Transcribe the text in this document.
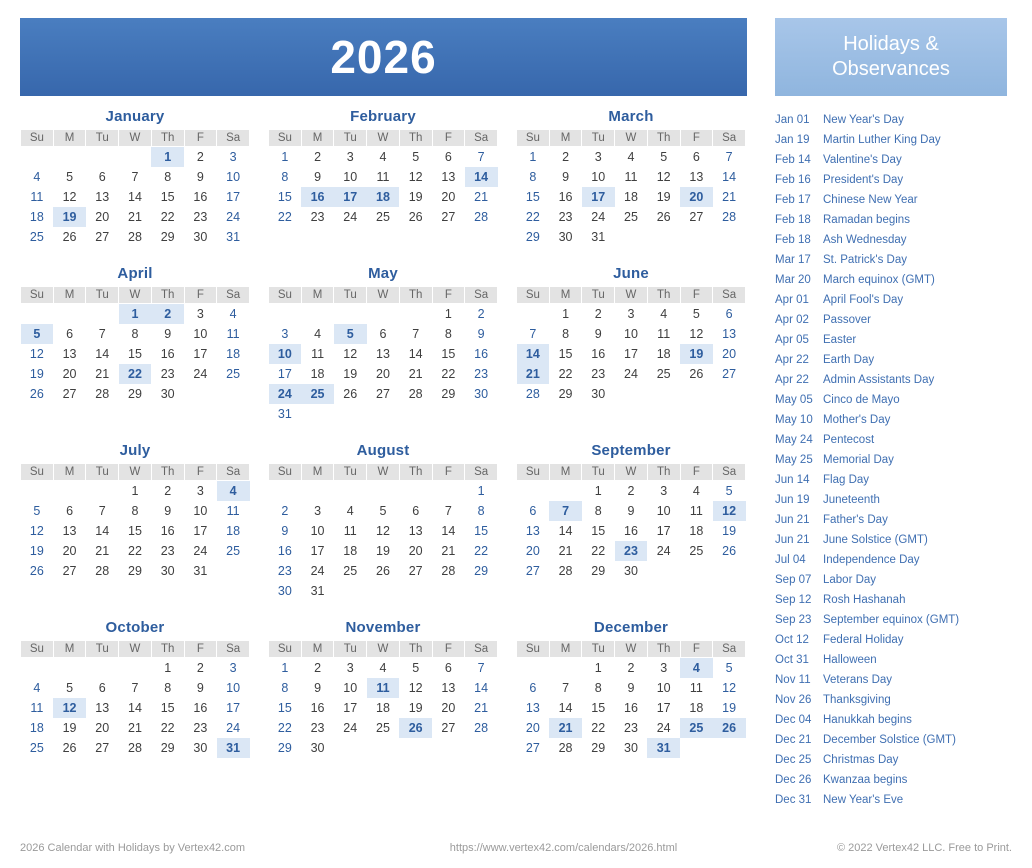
2026	Holidays & Observances
January
Su	M	Tu	W	Th	F	Sa
				1	2	3
4	5	6	7	8	9	10
11	12	13	14	15	16	17
18	19	20	21	22	23	24
25	26	27	28	29	30	31
February
Su	M	Tu	W	Th	F	Sa
1	2	3	4	5	6	7
8	9	10	11	12	13	14
15	16	17	18	19	20	21
22	23	24	25	26	27	28
March
Su	M	Tu	W	Th	F	Sa
1	2	3	4	5	6	7
8	9	10	11	12	13	14
15	16	17	18	19	20	21
22	23	24	25	26	27	28
29	30	31				
April
Su	M	Tu	W	Th	F	Sa
			1	2	3	4
5	6	7	8	9	10	11
12	13	14	15	16	17	18
19	20	21	22	23	24	25
26	27	28	29	30		
May
Su	M	Tu	W	Th	F	Sa
					1	2
3	4	5	6	7	8	9
10	11	12	13	14	15	16
17	18	19	20	21	22	23
24	25	26	27	28	29	30
31						
June
Su	M	Tu	W	Th	F	Sa
	1	2	3	4	5	6
7	8	9	10	11	12	13
14	15	16	17	18	19	20
21	22	23	24	25	26	27
28	29	30				
July
Su	M	Tu	W	Th	F	Sa
			1	2	3	4
5	6	7	8	9	10	11
12	13	14	15	16	17	18
19	20	21	22	23	24	25
26	27	28	29	30	31	
August
Su	M	Tu	W	Th	F	Sa
						1
2	3	4	5	6	7	8
9	10	11	12	13	14	15
16	17	18	19	20	21	22
23	24	25	26	27	28	29
30	31					
September
Su	M	Tu	W	Th	F	Sa
		1	2	3	4	5
6	7	8	9	10	11	12
13	14	15	16	17	18	19
20	21	22	23	24	25	26
27	28	29	30			
October
Su	M	Tu	W	Th	F	Sa
				1	2	3
4	5	6	7	8	9	10
11	12	13	14	15	16	17
18	19	20	21	22	23	24
25	26	27	28	29	30	31
November
Su	M	Tu	W	Th	F	Sa
1	2	3	4	5	6	7
8	9	10	11	12	13	14
15	16	17	18	19	20	21
22	23	24	25	26	27	28
29	30					
December
Su	M	Tu	W	Th	F	Sa
		1	2	3	4	5
6	7	8	9	10	11	12
13	14	15	16	17	18	19
20	21	22	23	24	25	26
27	28	29	30	31		
Jan 01	New Year's Day
Jan 19	Martin Luther King Day
Feb 14	Valentine's Day
Feb 16	President's Day
Feb 17	Chinese New Year
Feb 18	Ramadan begins
Feb 18	Ash Wednesday
Mar 17	St. Patrick's Day
Mar 20	March equinox (GMT)
Apr 01	April Fool's Day
Apr 02	Passover
Apr 05	Easter
Apr 22	Earth Day
Apr 22	Admin Assistants Day
May 05 Cinco de Mayo
May 10 Mother's Day
May 24 Pentecost
May 25 Memorial Day
Jun 14	Flag Day
Jun 19	Juneteenth
Jun 21	Father's Day
Jun 21	June Solstice (GMT)
Jul 04	Independence Day
Sep 07	Labor Day
Sep 12	Rosh Hashanah
Sep 23	September equinox (GMT)
Oct 12	Federal Holiday
Oct 31	Halloween
Nov 11	Veterans Day
Nov 26	Thanksgiving
Dec 04	Hanukkah begins
Dec 21	December Solstice (GMT)
Dec 25	Christmas Day
Dec 26	Kwanzaa begins
Dec 31	New Year's Eve
2026 Calendar with Holidays by Vertex42.com	https://www.vertex42.com/calendars/2026.html	© 2022 Vertex42 LLC. Free to Print.
